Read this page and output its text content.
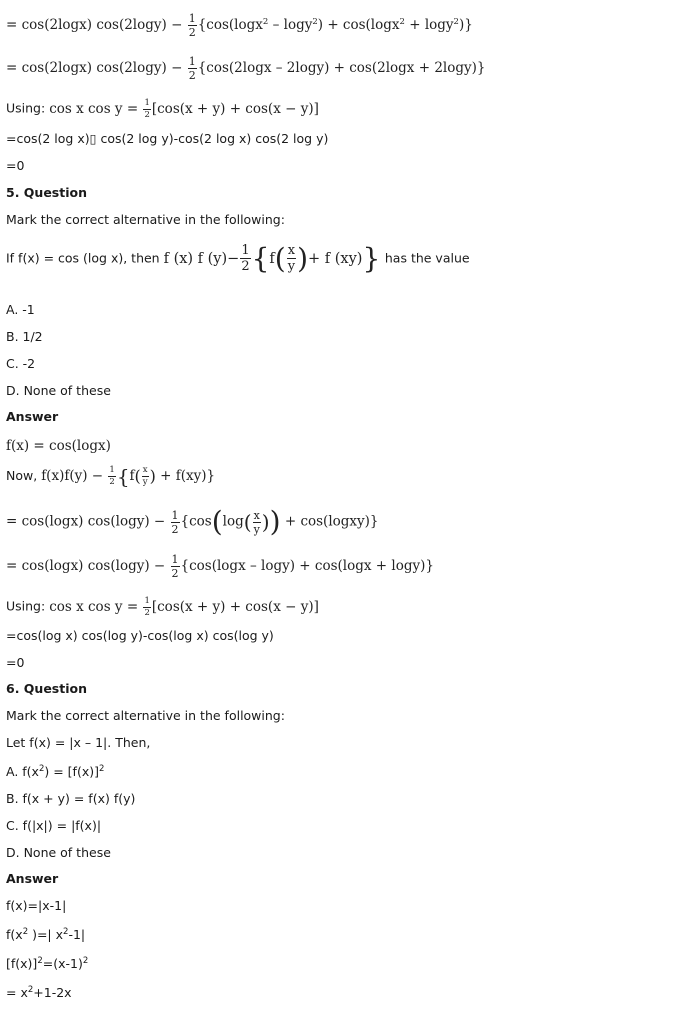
= cos(2logx) $\cos(2\log y) - \frac{1}{2} \{\cos(\log x^2 - \log y^2) + \cos(\log x^2 + \log y^2)\}$
= cos(2logx) $\cos(2\log y) - \frac{1}{2} \{\cos(2\log x - 2\log y) + \cos(2\log x + 2\log y)\}$
Using: cos x $\cos y = \frac{1}{2} [\cos(x + y) + \cos(x - y)]$
=cos(2 log x)▯ cos(2 log y)-cos(2 log x) cos(2 log y)
=0
5. Question
Mark the correct alternative in the following:
If f(x) = cos (log x), then f (x) f $(y)- \frac{1}{2} \{f( \frac{x}{y}$ )+ f (xy)} has the value
A. -1
B. 1/2
C. -2
D. None of these
Answer
f(x) = cos(logx)
Now, $f(x)f(y) - \frac{1}{2} \{f( \frac{x}{y}$ ) + f(xy)}
= cos(logx) $\cos(\log y) - \frac{1}{2} \{\cos(\log( \frac{x}{y}$ )) + cos(logxy)}
= cos(logx) $\cos(\log y) - \frac{1}{2} \{\cos(\log x - \log y) + \cos(\log x + \log y)\}$
Using: cos x $\cos y = \frac{1}{2} [\cos(x + y) + \cos(x - y)]$
=cos(log x) cos(log y)-cos(log x) cos(log y)
=0
6. Question
Mark the correct alternative in the following:
Let f(x) = |x – 1|. Then,
A. $f(x^2) = [f(x)]^2$
B. f(x + y) = f(x) f(y)
C. f(|x|) = |f(x)|
D. None of these
Answer
f(x)=|x-1|
$f(x^2$ )=| $x^2-1|$
$[f(x)]^2=(x-1)^2$
= $x^2+1-2x$
